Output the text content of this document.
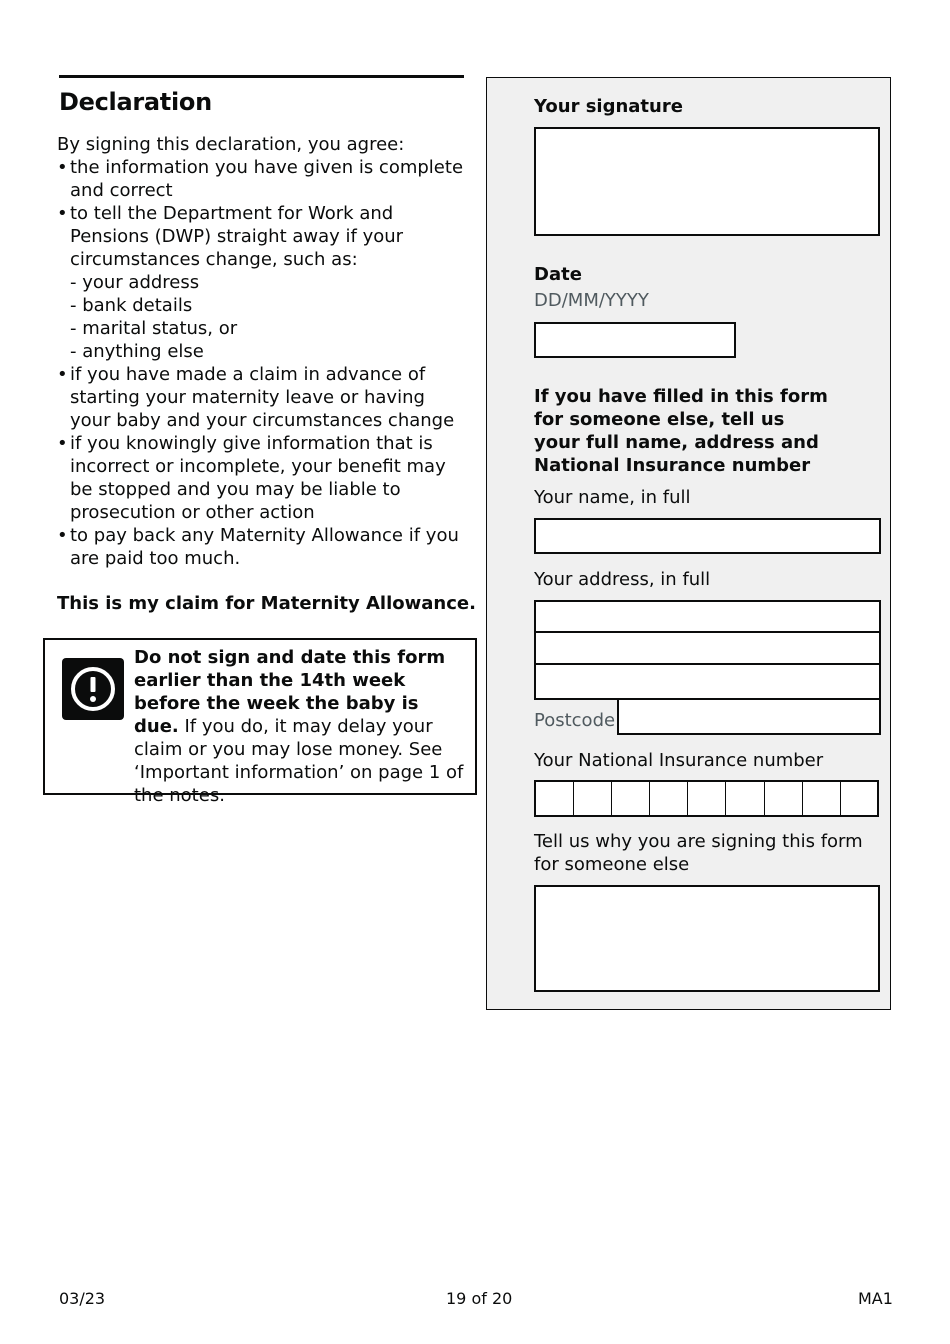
Declaration

By signing this declaration, you agree:

• the information you have given is complete and correct
• to tell the Department for Work and Pensions (DWP) straight away if your circumstances change, such as:
- your address
- bank details
- marital status, or
- anything else
• if you have made a claim in advance of starting your maternity leave or having your baby and your circumstances change
• if you knowingly give information that is incorrect or incomplete, your benefit may be stopped and you may be liable to prosecution or other action
• to pay back any Maternity Allowance if you are paid too much.
This is my claim for Maternity Allowance.
Do not sign and date this form earlier than the 14th week before the week the baby is due. If you do, it may delay your claim or you may lose money. See ‘Important information’ on page 1 of the notes.
Your signature
Date
DD/MM/YYYY
If you have filled in this form for someone else, tell us your full name, address and National Insurance number
Your name, in full
Your address, in full
Postcode
Your National Insurance number
Tell us why you are signing this form for someone else
03/23	19 of 20	MA1
